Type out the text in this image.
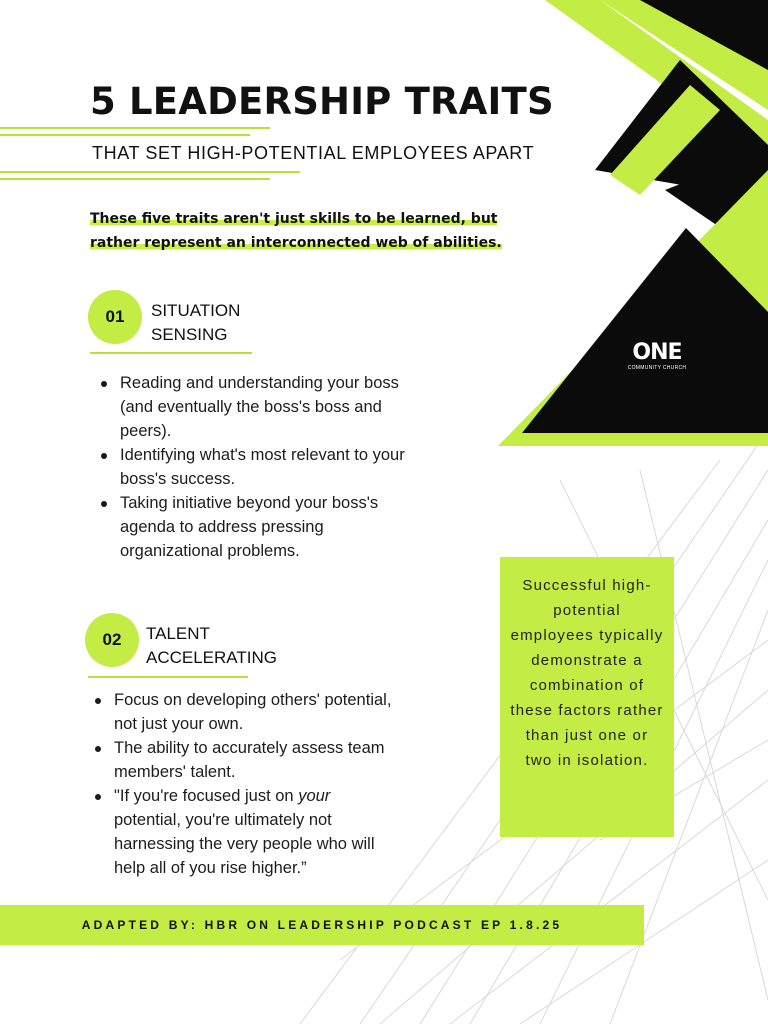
5 LEADERSHIP TRAITS
THAT SET HIGH-POTENTIAL EMPLOYEES APART
These five traits aren't just skills to be learned, but
rather represent an interconnected web of abilities.
01	SITUATION
SENSING
Reading and understanding your boss (and eventually the boss's boss and peers).
Identifying what's most relevant to your boss's success.
Taking initiative beyond your boss's agenda to address pressing organizational problems.
02	TALENT
ACCELERATING
Focus on developing others' potential, not just your own.
The ability to accurately assess team members' talent.
"If you're focused just on your potential, you're ultimately not harnessing the very people who will help all of you rise higher.”
Successful high-potential employees typically demonstrate a combination of these factors rather than just one or two in isolation.
ONE
COMMUNITY CHURCH
ADAPTED BY: HBR ON LEADERSHIP PODCAST EP 1.8.25
